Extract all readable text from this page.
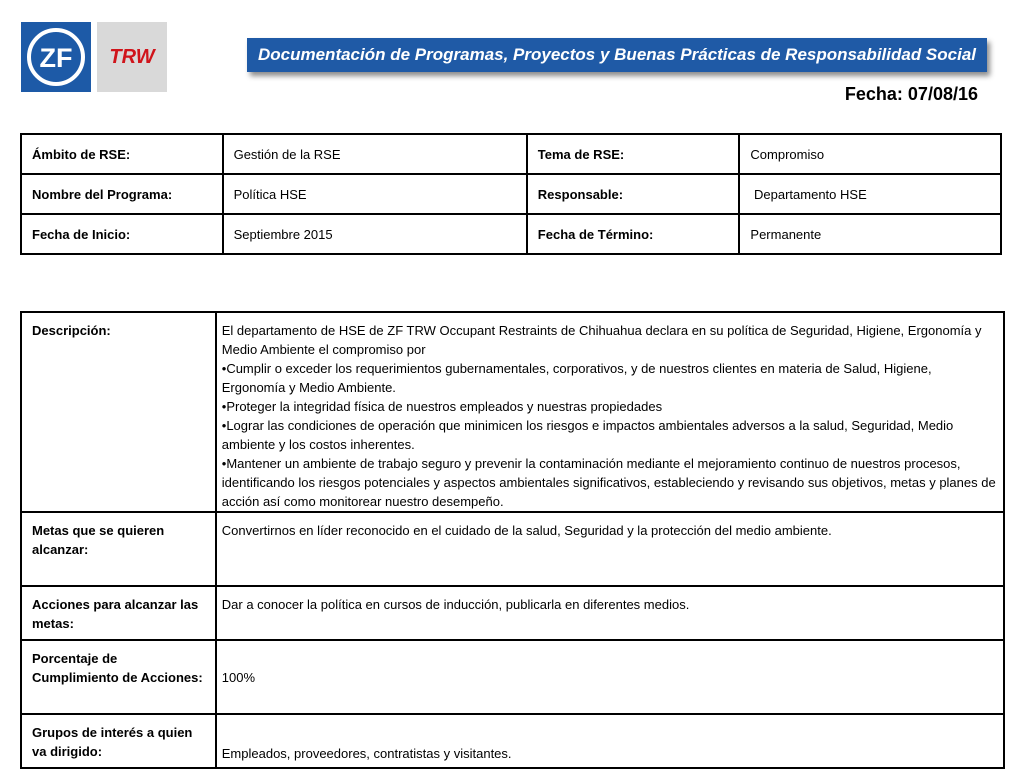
ZF TRW	Documentación de Programas, Proyectos y Buenas Prácticas de Responsabilidad Social
Fecha: 07/08/16
Ámbito de RSE:	Gestión de la RSE	Tema de RSE:	Compromiso
Nombre del Programa:	Política HSE	Responsable:	Departamento HSE
Fecha de Inicio:	Septiembre 2015	Fecha de Término:	Permanente
Descripción:	El departamento de HSE de ZF TRW Occupant Restraints de Chihuahua declara en su política de Seguridad, Higiene, Ergonomía y Medio Ambiente el compromiso por
•Cumplir o exceder los requerimientos gubernamentales, corporativos, y de nuestros clientes en materia de Salud, Higiene, Ergonomía y Medio Ambiente.
•Proteger la integridad física de nuestros empleados y nuestras propiedades
•Lograr las condiciones de operación que minimicen los riesgos e impactos ambientales adversos a la salud, Seguridad, Medio ambiente y los costos inherentes.
•Mantener un ambiente de trabajo seguro y prevenir la contaminación mediante el mejoramiento continuo de nuestros procesos, identificando los riesgos potenciales y aspectos ambientales significativos, estableciendo y revisando sus objetivos, metas y planes de acción así como monitorear nuestro desempeño.

Metas que se quieren alcanzar:	Convertirnos en líder reconocido en el cuidado de la salud, Seguridad y la protección del medio ambiente.
Acciones para alcanzar las metas:	Dar a conocer la política en cursos de inducción, publicarla en diferentes medios.
Porcentaje de Cumplimiento de Acciones:	100%
Grupos de interés a quien va dirigido:	Empleados, proveedores, contratistas y visitantes.
